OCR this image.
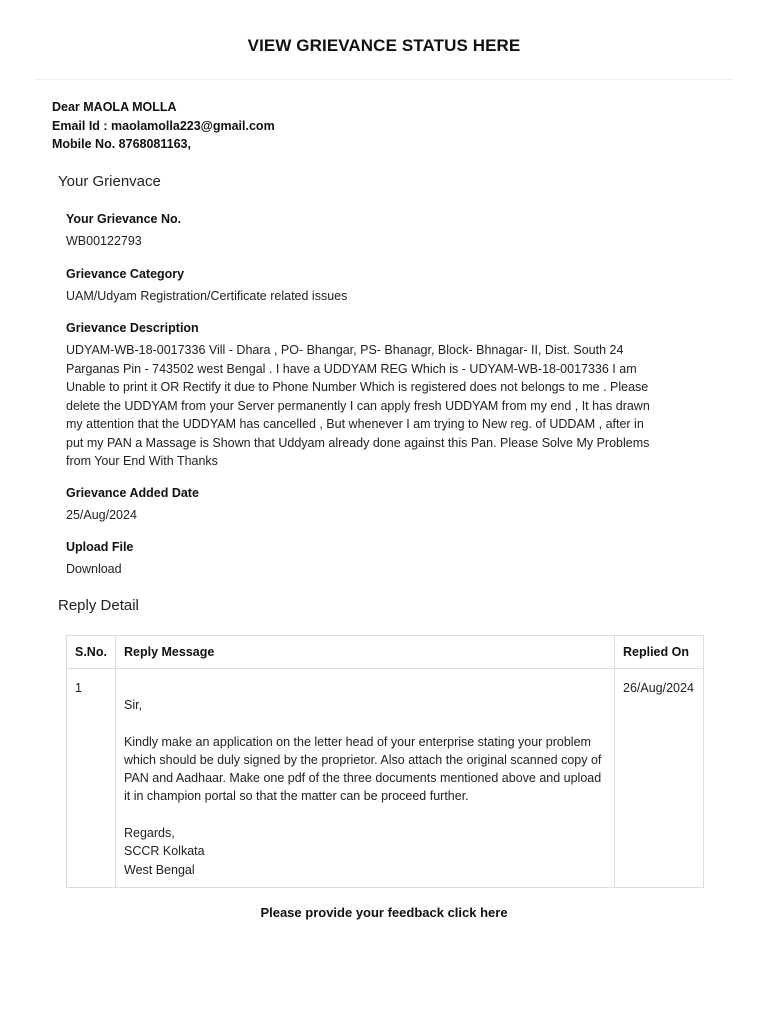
VIEW GRIEVANCE STATUS HERE
Dear MAOLA MOLLA
Email Id : maolamolla223@gmail.com
Mobile No. 8768081163,
Your Grienvace
Your Grievance No.
WB00122793
Grievance Category
UAM/Udyam Registration/Certificate related issues
Grievance Description
UDYAM-WB-18-0017336 Vill - Dhara , PO- Bhangar, PS- Bhanagr, Block- Bhnagar- II, Dist. South 24 Parganas Pin - 743502 west Bengal . I have a UDDYAM REG Which is - UDYAM-WB-18-0017336 I am Unable to print it OR Rectify it due to Phone Number Which is registered does not belongs to me . Please delete the UDDYAM from your Server permanently I can apply fresh UDDYAM from my end , It has drawn my attention that the UDDYAM has cancelled , But whenever I am trying to New reg. of UDDAM , after in put my PAN a Massage is Shown that Uddyam already done against this Pan. Please Solve My Problems from Your End With Thanks
Grievance Added Date
25/Aug/2024
Upload File
Download
Reply Detail
S.No.	Reply Message	Replied On
1	Sir,

Kindly make an application on the letter head of your enterprise stating your problem which should be duly signed by the proprietor. Also attach the original scanned copy of PAN and Aadhaar. Make one pdf of the three documents mentioned above and upload it in champion portal so that the matter can be proceed further.

Regards,
SCCR Kolkata
West Bengal	26/Aug/2024
Please provide your feedback click here
